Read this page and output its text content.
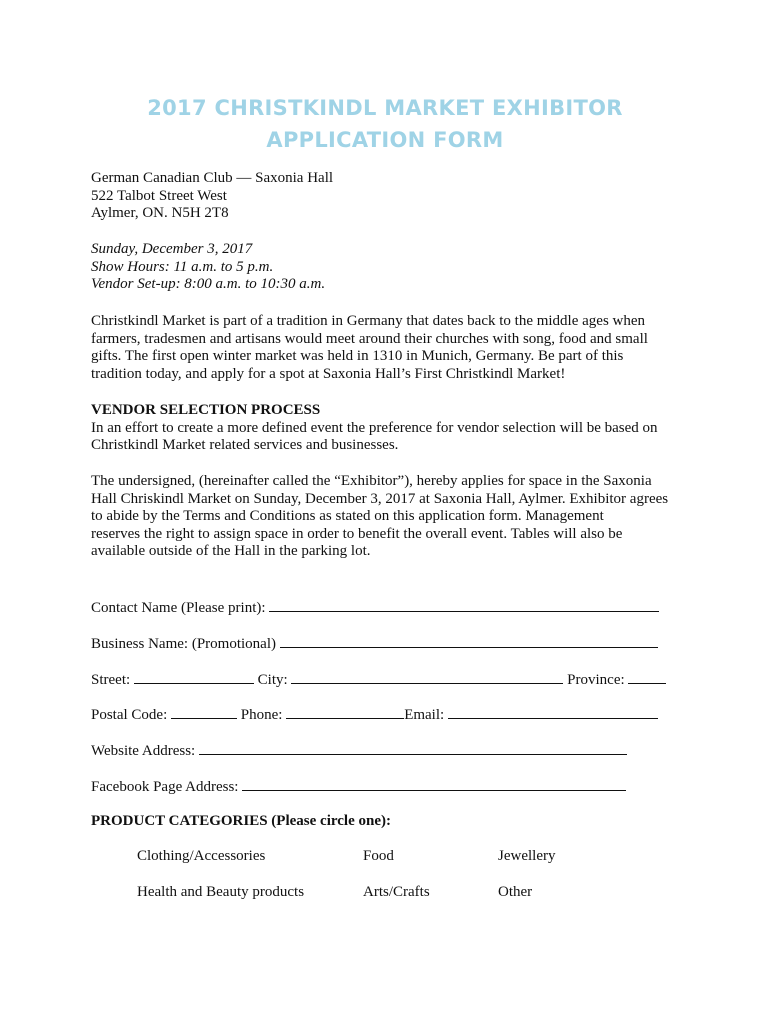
2017 CHRISTKINDL MARKET EXHIBITOR
APPLICATION FORM
German Canadian Club — Saxonia Hall
522 Talbot Street West
Aylmer, ON. N5H 2T8
Sunday, December 3, 2017
Show Hours: 11 a.m. to 5 p.m.
Vendor Set-up: 8:00 a.m. to 10:30 a.m.
Christkindl Market is part of a tradition in Germany that dates back to the middle ages when
farmers, tradesmen and artisans would meet around their churches with song, food and small
gifts. The first open winter market was held in 1310 in Munich, Germany. Be part of this
tradition today, and apply for a spot at Saxonia Hall’s First Christkindl Market!
VENDOR SELECTION PROCESS
In an effort to create a more defined event the preference for vendor selection will be based on
Christkindl Market related services and businesses.
The undersigned, (hereinafter called the “Exhibitor”), hereby applies for space in the Saxonia
Hall Chriskindl Market on Sunday, December 3, 2017 at Saxonia Hall, Aylmer. Exhibitor agrees
to abide by the Terms and Conditions as stated on this application form. Management
reserves the right to assign space in order to benefit the overall event. Tables will also be
available outside of the Hall in the parking lot.
Contact Name (Please print):
Business Name: (Promotional)
Street:	City:	Province:
Postal Code:	Phone:	Email:
Website Address:
Facebook Page Address:
PRODUCT CATEGORIES (Please circle one):
Clothing/Accessories	Food	Jewellery
Health and Beauty products	Arts/Crafts	Other
